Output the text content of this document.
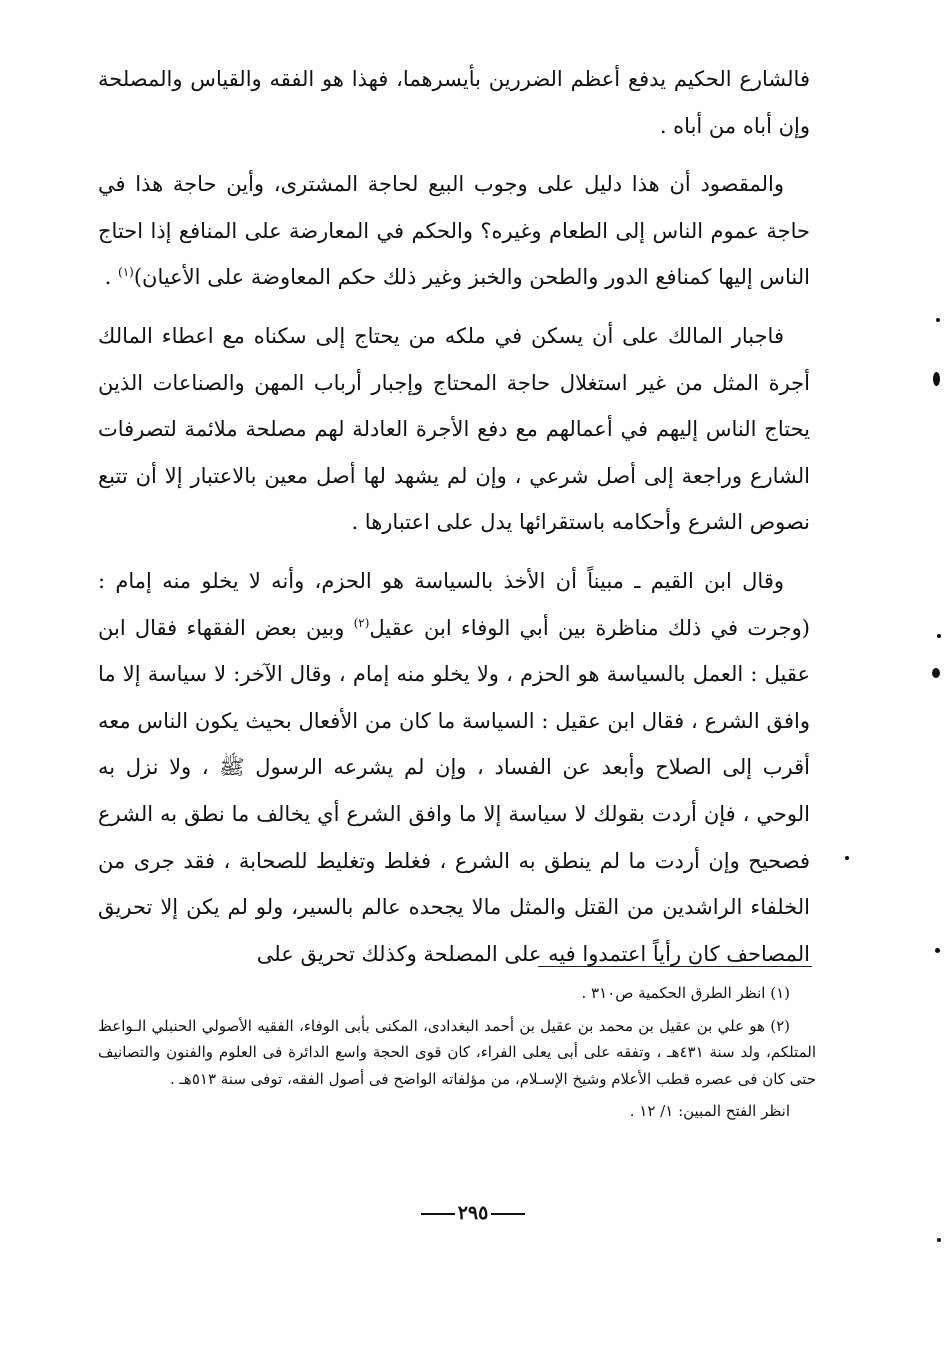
فالشارع الحكيم يدفع أعظم الضررين بأيسرهما، فهذا هو الفقه والقياس والمصلحة وإن أباه من أباه .

والمقصود أن هذا دليل على وجوب البيع لحاجة المشترى، وأين حاجة هذا في حاجة عموم الناس إلى الطعام وغيره؟ والحكم في المعارضة على المنافع إذا احتاج الناس إليها كمنافع الدور والطحن والخبز وغير ذلك حكم المعاوضة على الأعيان)$^{(١)}$ .

فاجبار المالك على أن يسكن في ملكه من يحتاج إلى سكناه مع اعطاء المالك أجرة المثل من غير استغلال حاجة المحتاج وإجبار أرباب المهن والصناعات الذين يحتاج الناس إليهم في أعمالهم مع دفع الأجرة العادلة لهم مصلحة ملائمة لتصرفات الشارع وراجعة إلى أصل شرعي ، وإن لم يشهد لها أصل معين بالاعتبار إلا أن تتبع نصوص الشرع وأحكامه باستقرائها يدل على اعتبارها .

وقال ابن القيم ـ مبيناً أن الأخذ بالسياسة هو الحزم، وأنه لا يخلو منه إمام : (وجرت في ذلك مناظرة بين أبي الوفاء ابن عقيل$^{(٢)}$ وبين بعض الفقهاء فقال ابن عقيل : العمل بالسياسة هو الحزم ، ولا يخلو منه إمام ، وقال الآخر: لا سياسة إلا ما وافق الشرع ، فقال ابن عقيل : السياسة ما كان من الأفعال بحيث يكون الناس معه أقرب إلى الصلاح وأبعد عن الفساد ، وإن لم يشرعه الرسول ﷺ ، ولا نزل به الوحي ، فإن أردت بقولك لا سياسة إلا ما وافق الشرع أي يخالف ما نطق به الشرع فصحيح وإن أردت ما لم ينطق به الشرع ، فغلط وتغليط للصحابة ، فقد جرى من الخلفاء الراشدين من القتل والمثل مالا يجحده عالم بالسير، ولو لم يكن إلا تحريق المصاحف كان رأياً اعتمدوا فيه على المصلحة وكذلك تحريق على

(١) انظر الطرق الحكمية ص٣١٠ .

(٢) هو علي بن عقيل بن محمد بن عقيل بن أحمد البغدادى، المكنى بأبى الوفاء، الفقيه الأصولي الحنبلي الـواعظ المتلكم، ولد سنة ٤٣١هـ ، وتفقه على أبى يعلى الفراء، كان قوى الحجة واسع الدائرة فى العلوم والفنون والتصانيف حتى كان فى عصره قطب الأعلام وشيخ الإسـلام، من مؤلفاته الواضح فى أصول الفقه، توفى سنة ٥١٣هـ .

انظر الفتح المبين: ١/ ١٢ .

٢٩٥
